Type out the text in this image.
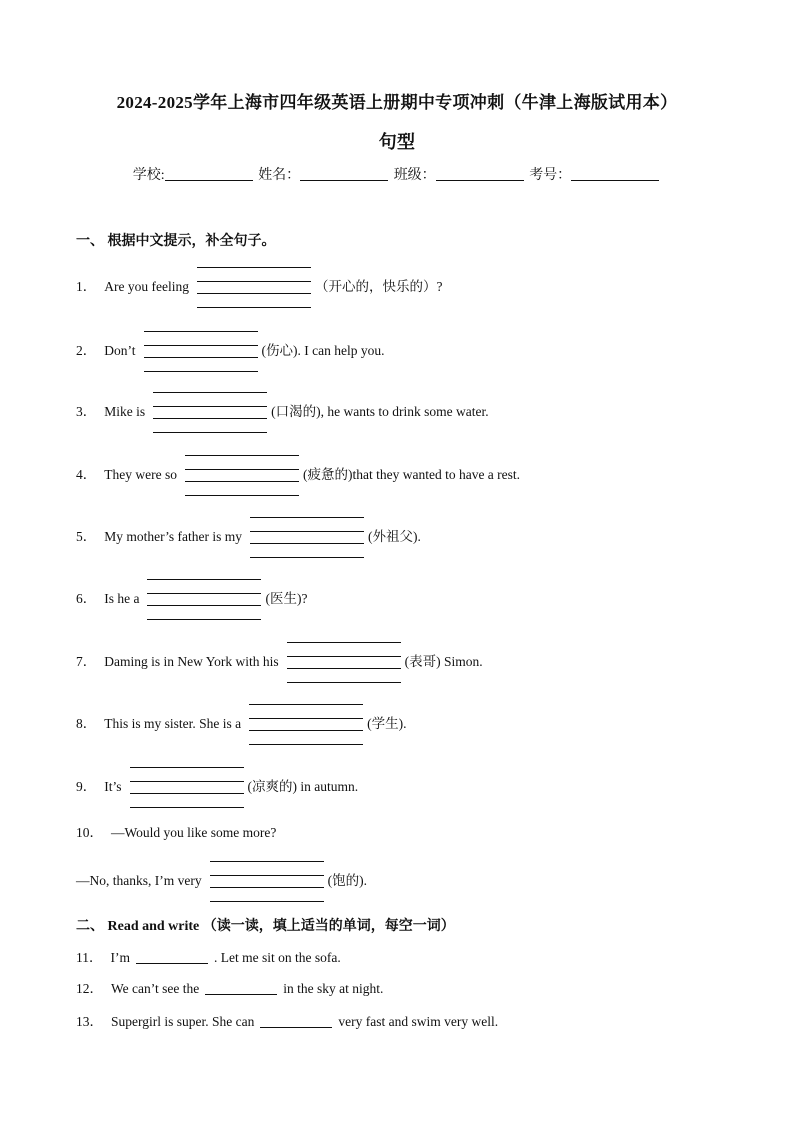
2024-2025学年上海市四年级英语上册期中专项冲刺（牛津上海版试用本）
句型
学校:	姓名：	班级：	考号：
一、 根据中文提示，补全句子。
1． Are you feeling	（开心的，快乐的）?
2． Don’t	(伤心). I can help you.
3． Mike is	(口渴的), he wants to drink some water.
4． They were so	(疲惫的)that they wanted to have a rest.
5． My mother’s father is my	(外祖父).
6． Is he a	(医生)?
7． Daming is in New York with his	(表哥) Simon.
8． This is my sister. She is a	(学生).
9． It’s	(凉爽的) in autumn.
10． —Would you like some more?
—No, thanks, I’m very	(饱的).
二、 Read and write （读一读，填上适当的单词，每空一词）
11． I’m	. Let me sit on the sofa.
12． We can’t see the	in the sky at night.
13． Supergirl is super. She can	very fast and swim very well.
